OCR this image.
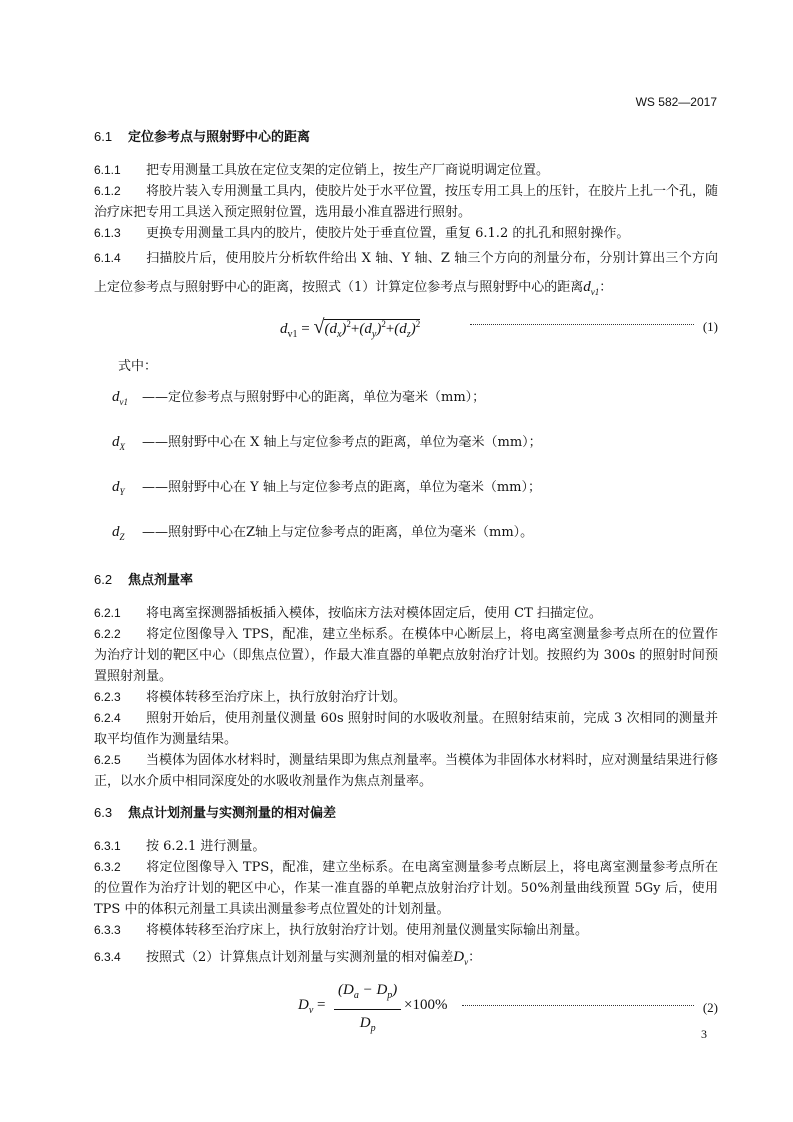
WS 582—2017
6.1 定位参考点与照射野中心的距离

6.1.1 把专用测量工具放在定位支架的定位销上，按生产厂商说明调定位置。

6.1.2 将胶片装入专用测量工具内，使胶片处于水平位置，按压专用工具上的压针，在胶片上扎一个孔，随治疗床把专用工具送入预定照射位置，选用最小准直器进行照射。

6.1.3 更换专用测量工具内的胶片，使胶片处于垂直位置，重复 6.1.2 的扎孔和照射操作。

6.1.4 扫描胶片后，使用胶片分析软件给出 X 轴、Y 轴、Z 轴三个方向的剂量分布，分别计算出三个方向上定位参考点与照射野中心的距离，按照式（1）计算定位参考点与照射野中心的距离$d_{v1}$：

$d_{v1} = √(d_x)^2+(d_y)^2+(d_z)^2$	(1)
式中：
$d_{v1}$ ——定位参考点与照射野中心的距离，单位为毫米（mm）；
$d_X$ ——照射野中心在 X 轴上与定位参考点的距离，单位为毫米（mm）；
$d_Y$ ——照射野中心在 Y 轴上与定位参考点的距离，单位为毫米（mm）；
$d_Z$ ——照射野中心在Z轴上与定位参考点的距离，单位为毫米（mm）。
6.2 焦点剂量率

6.2.1 将电离室探测器插板插入模体，按临床方法对模体固定后，使用 CT 扫描定位。

6.2.2 将定位图像导入 TPS，配准，建立坐标系。在模体中心断层上，将电离室测量参考点所在的位置作为治疗计划的靶区中心（即焦点位置），作最大准直器的单靶点放射治疗计划。按照约为 300s 的照射时间预置照射剂量。

6.2.3 将模体转移至治疗床上，执行放射治疗计划。

6.2.4 照射开始后，使用剂量仪测量 60s 照射时间的水吸收剂量。在照射结束前，完成 3 次相同的测量并取平均值作为测量结果。

6.2.5 当模体为固体水材料时，测量结果即为焦点剂量率。当模体为非固体水材料时，应对测量结果进行修正，以水介质中相同深度处的水吸收剂量作为焦点剂量率。

6.3 焦点计划剂量与实测剂量的相对偏差

6.3.1 按 6.2.1 进行测量。

6.3.2 将定位图像导入 TPS，配准，建立坐标系。在电离室测量参考点断层上，将电离室测量参考点所在的位置作为治疗计划的靶区中心，作某一准直器的单靶点放射治疗计划。50%剂量曲线预置 5Gy 后，使用 TPS 中的体积元剂量工具读出测量参考点位置处的计划剂量。

6.3.3 将模体转移至治疗床上，执行放射治疗计划。使用剂量仪测量实际输出剂量。

6.3.4 按照式（2）计算焦点计划剂量与实测剂量的相对偏差$D_v$：

$D_v = \frac{(D_a - D_p)}{D_p} \times 100\%$	(2)
3
